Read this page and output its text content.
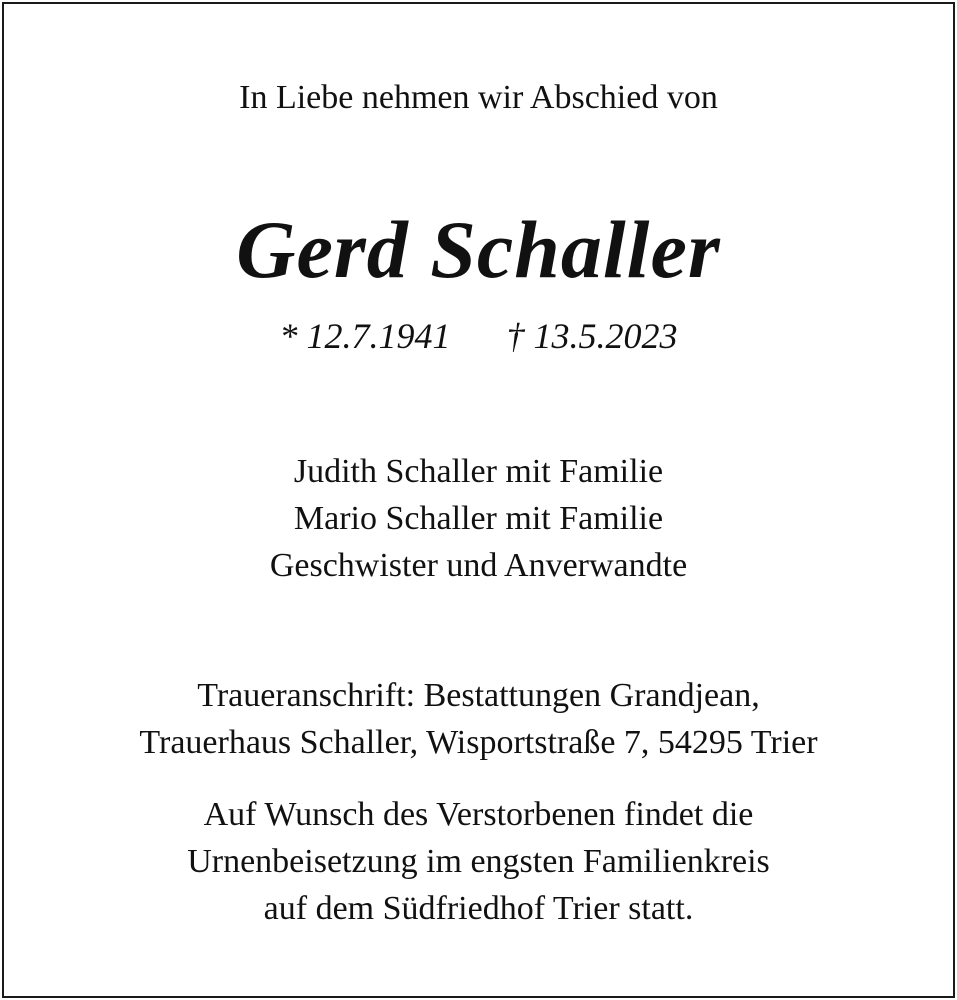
In Liebe nehmen wir Abschied von

Gerd Schaller

* 12.7.1941 † 13.5.2023

Judith Schaller mit Familie
Mario Schaller mit Familie
Geschwister und Anverwandte
Traueranschrift: Bestattungen Grandjean,
Trauerhaus Schaller, Wisportstraße 7, 54295 Trier
Auf Wunsch des Verstorbenen findet die
Urnenbeisetzung im engsten Familienkreis
auf dem Südfriedhof Trier statt.
